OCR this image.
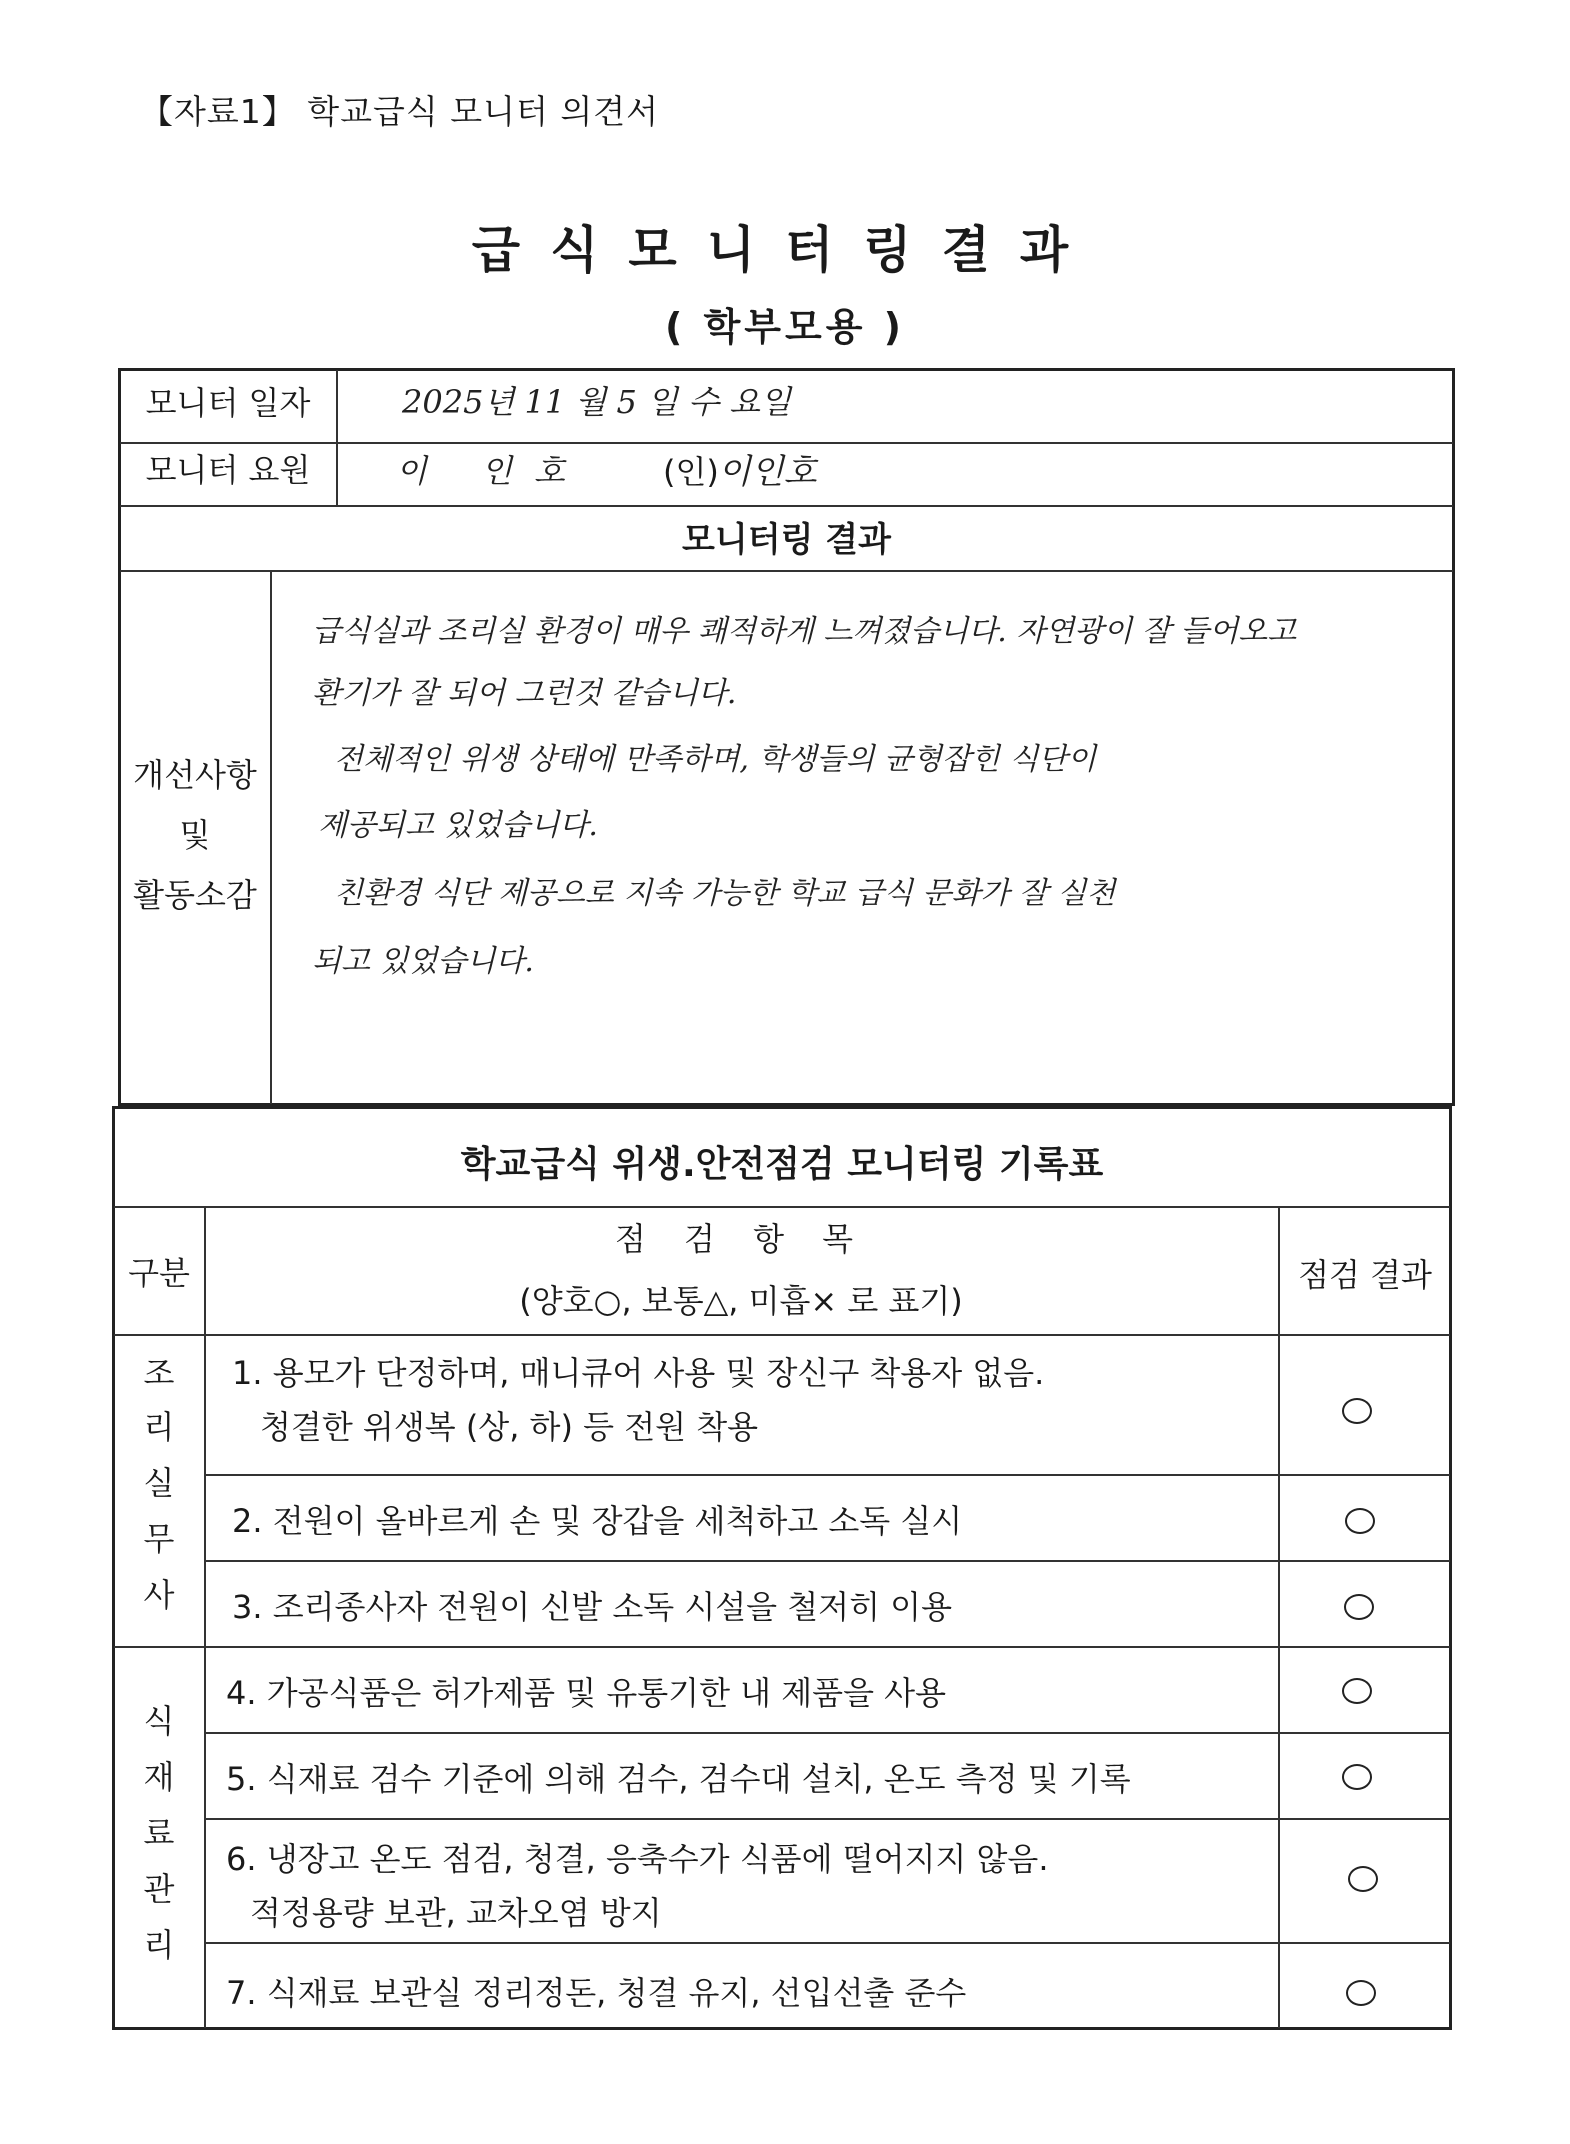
【자료1】 학교급식 모니터 의견서
급식모니터링결과
( 학부모용 )
모니터 일자	2025년 11 월 5 일 수 요일
모니터 요원	이 인호 (인) 이인호
모니터링 결과
개선사항
및
활동소감
급식실과 조리실 환경이 매우 쾌적하게 느껴졌습니다. 자연광이 잘 들어오고
환기가 잘 되어 그런것 같습니다.
전체적인 위생 상태에 만족하며, 학생들의 균형잡힌 식단이
제공되고 있었습니다.
친환경 식단 제공으로 지속 가능한 학교 급식 문화가 잘 실천
되고 있었습니다.
학교급식 위생.안전점검 모니터링 기록표
구분
점 검 항 목
(양호○, 보통△, 미흡× 로 표기)
점검 결과
조
리
실
무
사
식
재
료
관
리
1. 용모가 단정하며, 매니큐어 사용 및 장신구 착용자 없음.
청결한 위생복 (상, 하) 등 전원 착용
2. 전원이 올바르게 손 및 장갑을 세척하고 소독 실시
3. 조리종사자 전원이 신발 소독 시설을 철저히 이용
4. 가공식품은 허가제품 및 유통기한 내 제품을 사용
5. 식재료 검수 기준에 의해 검수, 검수대 설치, 온도 측정 및 기록
6. 냉장고 온도 점검, 청결, 응축수가 식품에 떨어지지 않음.
적정용량 보관, 교차오염 방지
7. 식재료 보관실 정리정돈, 청결 유지, 선입선출 준수
